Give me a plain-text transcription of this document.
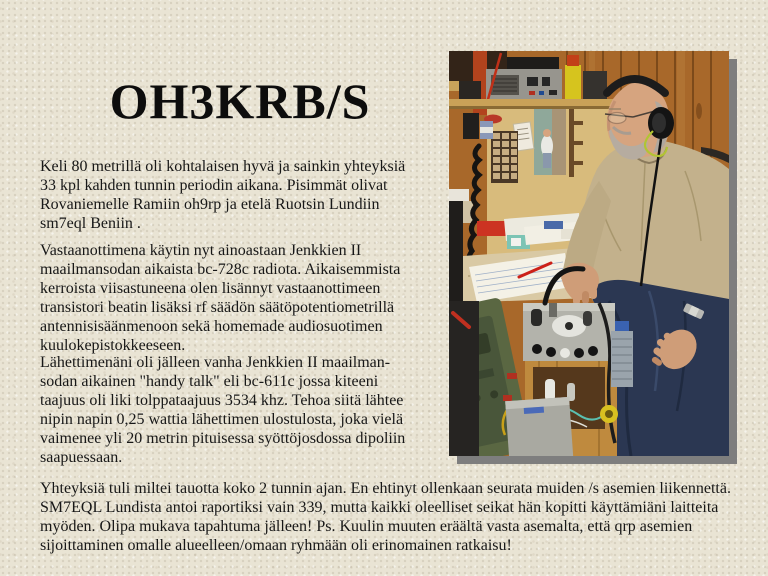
OH3KRB/S

Keli 80 metrillä oli kohtalaisen hyvä ja sainkin yhteyksiä
33 kpl kahden tunnin periodin aikana. Pisimmät olivat
Rovaniemelle Ramiin oh9rp ja etelä Ruotsin Lundiin
sm7eql Beniin .

Vastaanottimena käytin nyt ainoastaan Jenkkien II
maailmansodan aikaista bc-728c radiota. Aikaisemmista
kerroista viisastuneena olen lisännyt vastaanottimeen
transistori beatin lisäksi rf säädön säätöpotentiometrillä
antennisisäänmenoon sekä homemade audiosuotimen
kuulokepistokkeeseen.

Lähettimenäni oli jälleen vanha Jenkkien II maailman-
sodan aikainen "handy talk" eli bc-611c jossa kiteeni
taajuus oli liki tolppataajuus 3534 khz. Tehoa siitä lähtee
nipin napin 0,25 wattia lähettimen ulostulosta, joka vielä
vaimenee yli 20 metrin pituisessa syöttöjosdossa dipoliin
saapuessaan.

Yhteyksiä tuli miltei tauotta koko 2 tunnin ajan. En ehtinyt ollenkaan seurata muiden /s asemien liikennettä.
SM7EQL Lundista antoi raportiksi vain 339, mutta kaikki oleelliset seikat hän kopitti käyttämiäni laitteita
myöden. Olipa mukava tapahtuma jälleen! Ps. Kuulin muuten eräältä vasta asemalta, että qrp asemien
sijoittaminen omalle alueelleen/omaan ryhmään oli erinomainen ratkaisu!
